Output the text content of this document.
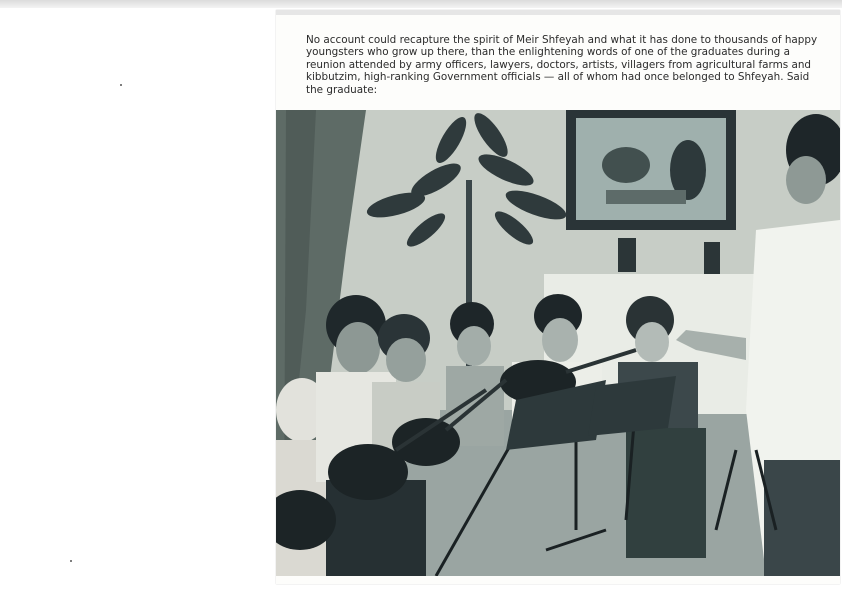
No account could recapture the spirit of Meir Shfeyah and what it has done to thousands of happy youngsters who grow up there, than the enlightening words of one of the graduates during a reunion attended by army officers, lawyers, doctors, artists, villagers from agricultural farms and kibbutzim, high-ranking Government officials — all of whom had once belonged to Shfeyah. Said the graduate:
